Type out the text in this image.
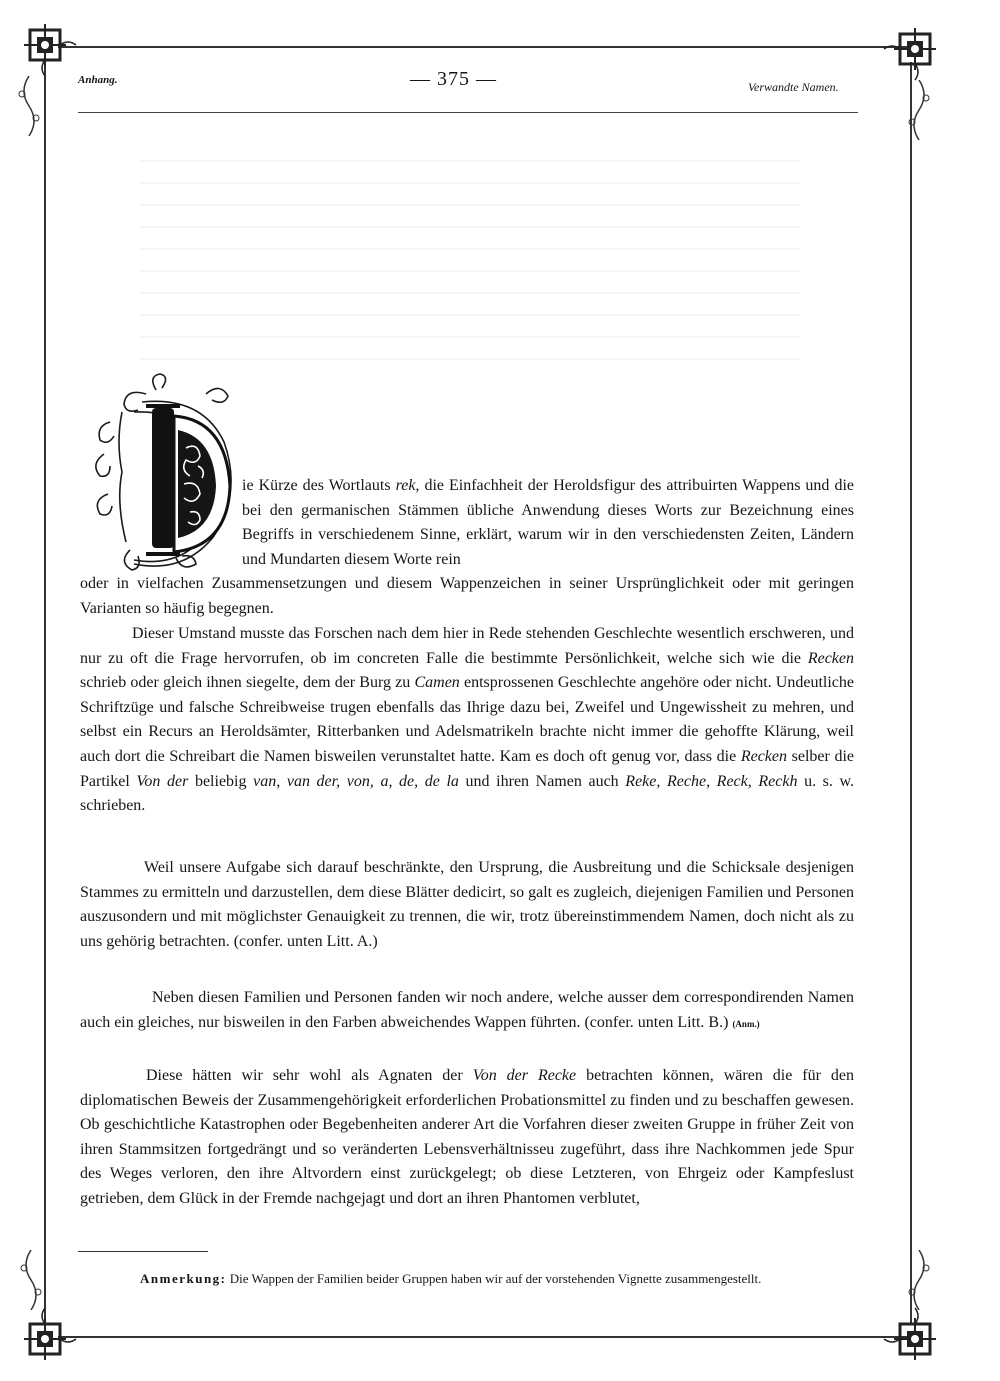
Anhang.	— 375 —	Verwandte Namen.

ie Kürze des Wortlauts rek, die Einfachheit der Heroldsfigur des attribuirten Wappens und die bei den germanischen Stämmen übliche Anwendung dieses Worts zur Bezeichnung eines Begriffs in verschiedenem Sinne, erklärt, warum wir in den verschiedensten Zeiten, Ländern und Mundarten diesem Worte rein

oder in vielfachen Zusammensetzungen und diesem Wappenzeichen in seiner Ursprünglichkeit oder mit geringen Varianten so häufig begegnen.

Dieser Umstand musste das Forschen nach dem hier in Rede stehenden Geschlechte wesentlich erschweren, und nur zu oft die Frage hervorrufen, ob im concreten Falle die bestimmte Persönlichkeit, welche sich wie die Recken schrieb oder gleich ihnen siegelte, dem der Burg zu Camen entsprossenen Geschlechte angehöre oder nicht. Undeutliche Schriftzüge und falsche Schreibweise trugen ebenfalls das Ihrige dazu bei, Zweifel und Ungewissheit zu mehren, und selbst ein Recurs an Heroldsämter, Ritterbanken und Adelsmatrikeln brachte nicht immer die gehoffte Klärung, weil auch dort die Schreibart die Namen bisweilen verunstaltet hatte. Kam es doch oft genug vor, dass die Recken selber die Partikel Von der beliebig van, van der, von, a, de, de la und ihren Namen auch Reke, Reche, Reck, Reckh u. s. w. schrieben.

Weil unsere Aufgabe sich darauf beschränkte, den Ursprung, die Ausbreitung und die Schicksale desjenigen Stammes zu ermitteln und darzustellen, dem diese Blätter dedicirt, so galt es zugleich, diejenigen Familien und Personen auszusondern und mit möglichster Genauigkeit zu trennen, die wir, trotz übereinstimmendem Namen, doch nicht als zu uns gehörig betrachten. (confer. unten Litt. A.)

Neben diesen Familien und Personen fanden wir noch andere, welche ausser dem correspondirenden Namen auch ein gleiches, nur bisweilen in den Farben abweichendes Wappen führten. (confer. unten Litt. B.) (Anm.)

Diese hätten wir sehr wohl als Agnaten der Von der Recke betrachten können, wären die für den diplomatischen Beweis der Zusammengehörigkeit erforderlichen Probationsmittel zu finden und zu beschaffen gewesen. Ob geschichtliche Katastrophen oder Begebenheiten anderer Art die Vorfahren dieser zweiten Gruppe in früher Zeit von ihren Stammsitzen fortgedrängt und so veränderten Lebensverhältnisseu zugeführt, dass ihre Nachkommen jede Spur des Weges verloren, den ihre Altvordern einst zurückgelegt; ob diese Letzteren, von Ehrgeiz oder Kampfeslust getrieben, dem Glück in der Fremde nachgejagt und dort an ihren Phantomen verblutet,

Anmerkung: Die Wappen der Familien beider Gruppen haben wir auf der vorstehenden Vignette zusammengestellt.
